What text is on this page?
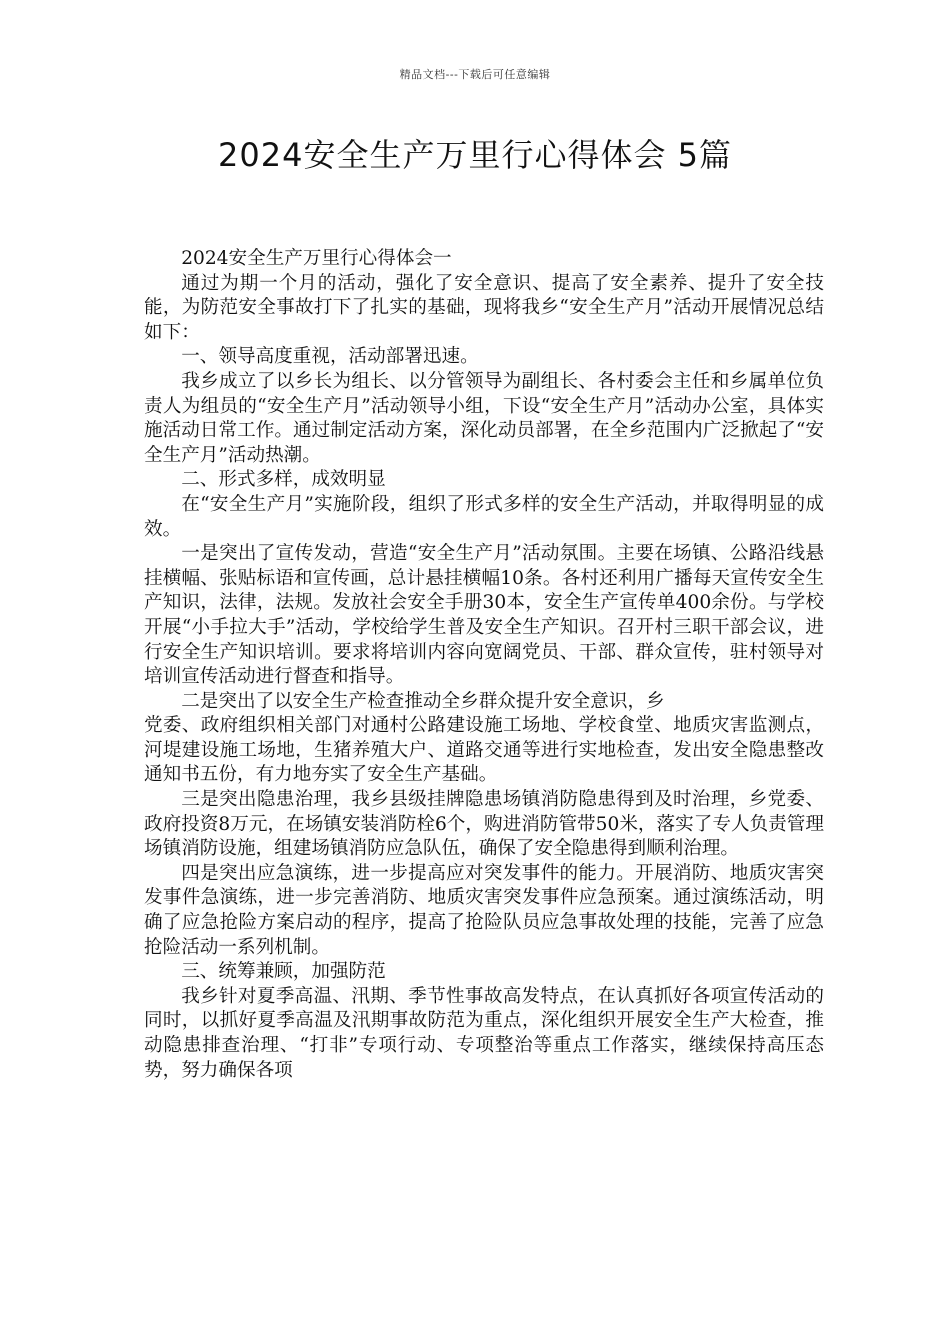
精品文档---下载后可任意编辑
2024安全生产万里行心得体会 5篇

2024安全生产万里行心得体会一

通过为期一个月的活动，强化了安全意识、提高了安全素养、提升了安全技能，为防范安全事故打下了扎实的基础，现将我乡“安全生产月”活动开展情况总结如下：

一、领导高度重视，活动部署迅速。

我乡成立了以乡长为组长、以分管领导为副组长、各村委会主任和乡属单位负责人为组员的“安全生产月”活动领导小组，下设“安全生产月”活动办公室，具体实施活动日常工作。通过制定活动方案，深化动员部署，在全乡范围内广泛掀起了“安全生产月”活动热潮。

二、形式多样，成效明显

在“安全生产月”实施阶段，组织了形式多样的安全生产活动，并取得明显的成效。

一是突出了宣传发动，营造“安全生产月”活动氛围。主要在场镇、公路沿线悬挂横幅、张贴标语和宣传画，总计悬挂横幅10条。各村还利用广播每天宣传安全生产知识，法律，法规。发放社会安全手册30本，安全生产宣传单400余份。与学校开展“小手拉大手”活动，学校给学生普及安全生产知识。召开村三职干部会议，进行安全生产知识培训。要求将培训内容向宽阔党员、干部、群众宣传，驻村领导对培训宣传活动进行督查和指导。

二是突出了以安全生产检查推动全乡群众提升安全意识，乡

党委、政府组织相关部门对通村公路建设施工场地、学校食堂、地质灾害监测点，河堤建设施工场地，生猪养殖大户、道路交通等进行实地检查，发出安全隐患整改通知书五份，有力地夯实了安全生产基础。

三是突出隐患治理，我乡县级挂牌隐患场镇消防隐患得到及时治理，乡党委、政府投资8万元，在场镇安装消防栓6个，购进消防管带50米，落实了专人负责管理场镇消防设施，组建场镇消防应急队伍，确保了安全隐患得到顺利治理。

四是突出应急演练，进一步提高应对突发事件的能力。开展消防、地质灾害突发事件急演练，进一步完善消防、地质灾害突发事件应急预案。通过演练活动，明确了应急抢险方案启动的程序，提高了抢险队员应急事故处理的技能，完善了应急抢险活动一系列机制。

三、统筹兼顾，加强防范

我乡针对夏季高温、汛期、季节性事故高发特点，在认真抓好各项宣传活动的同时，以抓好夏季高温及汛期事故防范为重点，深化组织开展安全生产大检查，推动隐患排查治理、“打非”专项行动、专项整治等重点工作落实，继续保持高压态势，努力确保各项
